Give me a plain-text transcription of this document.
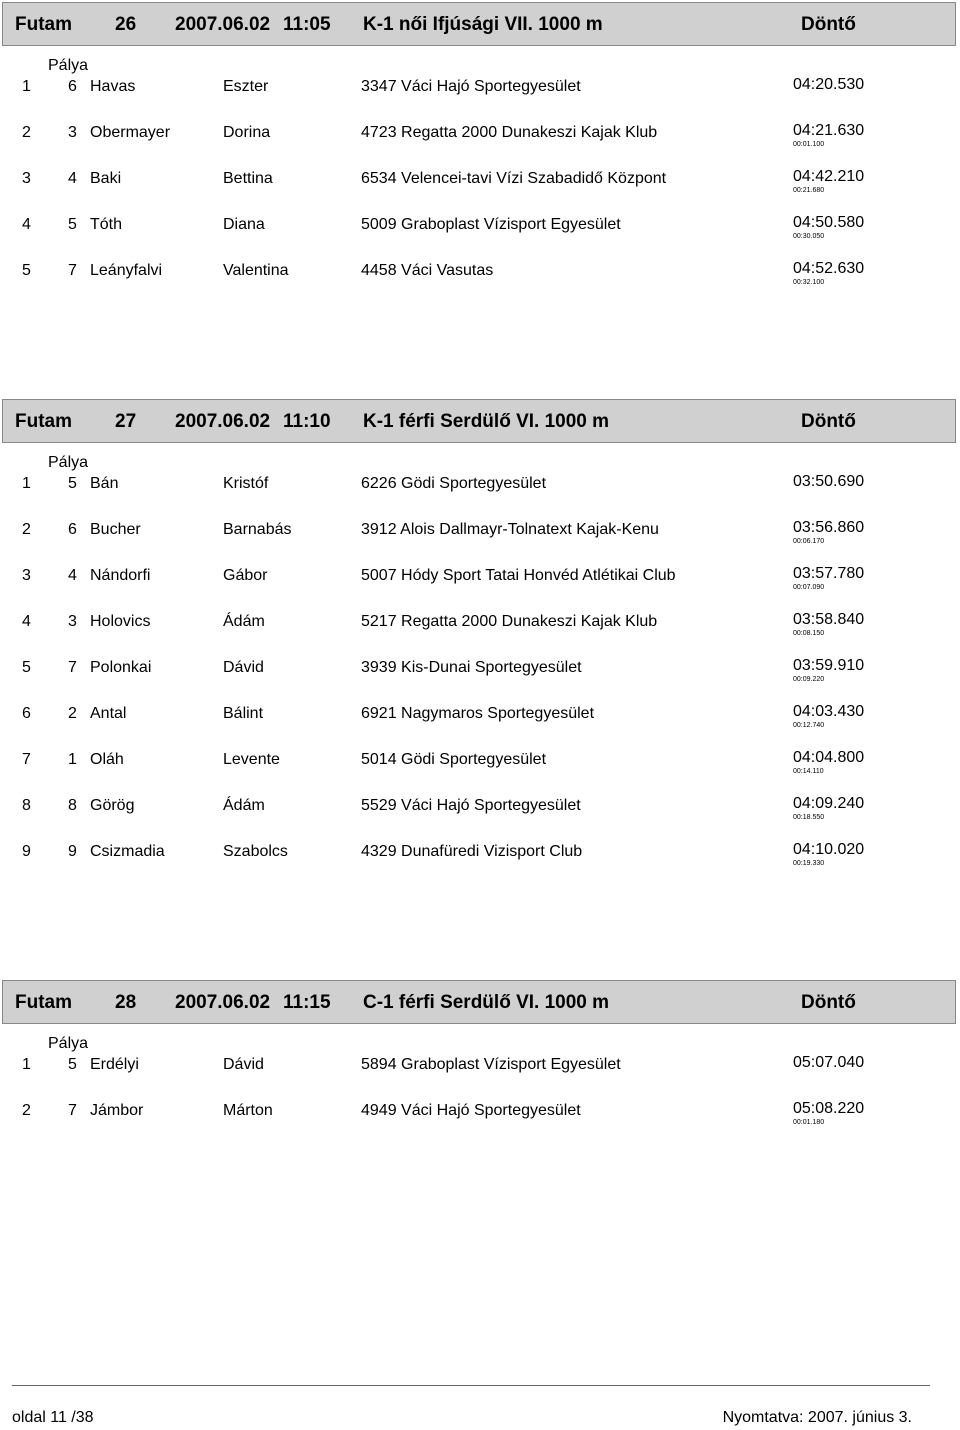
Futam 26 2007.06.02 11:05 K-1 női Ifjúsági VII. 1000 m	Döntő
Pálya
1 6 Havas	Eszter	3347 Váci Hajó Sportegyesület	04:20.530
2 3 Obermayer	Dorina	4723 Regatta 2000 Dunakeszi Kajak Klub	04:21.630
00:01.100
3 4 Baki	Bettina	6534 Velencei-tavi Vízi Szabadidő Központ	04:42.210
00:21.680
4 5 Tóth	Diana	5009 Graboplast Vízisport Egyesület	04:50.580
00:30.050
5 7 Leányfalvi	Valentina	4458 Váci Vasutas	04:52.630
00:32.100
Futam 27 2007.06.02 11:10 K-1 férfi Serdülő VI. 1000 m	Döntő
Pálya
1 5 Bán	Kristóf	6226 Gödi Sportegyesület	03:50.690
2 6 Bucher	Barnabás	3912 Alois Dallmayr-Tolnatext Kajak-Kenu	03:56.860
00:06.170
3 4 Nándorfi	Gábor	5007 Hódy Sport Tatai Honvéd Atlétikai Club	03:57.780
00:07.090
4 3 Holovics	Ádám	5217 Regatta 2000 Dunakeszi Kajak Klub	03:58.840
00:08.150
5 7 Polonkai	Dávid	3939 Kis-Dunai Sportegyesület	03:59.910
00:09.220
6 2 Antal	Bálint	6921 Nagymaros Sportegyesület	04:03.430
00:12.740
7 1 Oláh	Levente	5014 Gödi Sportegyesület	04:04.800
00:14.110
8 8 Görög	Ádám	5529 Váci Hajó Sportegyesület	04:09.240
00:18.550
9 9 Csizmadia	Szabolcs	4329 Dunafüredi Vizisport Club	04:10.020
00:19.330
Futam 28 2007.06.02 11:15 C-1 férfi Serdülő VI. 1000 m	Döntő
Pálya
1 5 Erdélyi	Dávid	5894 Graboplast Vízisport Egyesület	05:07.040
2 7 Jámbor	Márton	4949 Váci Hajó Sportegyesület	05:08.220
00:01.180
oldal 11 /38	Nyomtatva: 2007. június 3.
